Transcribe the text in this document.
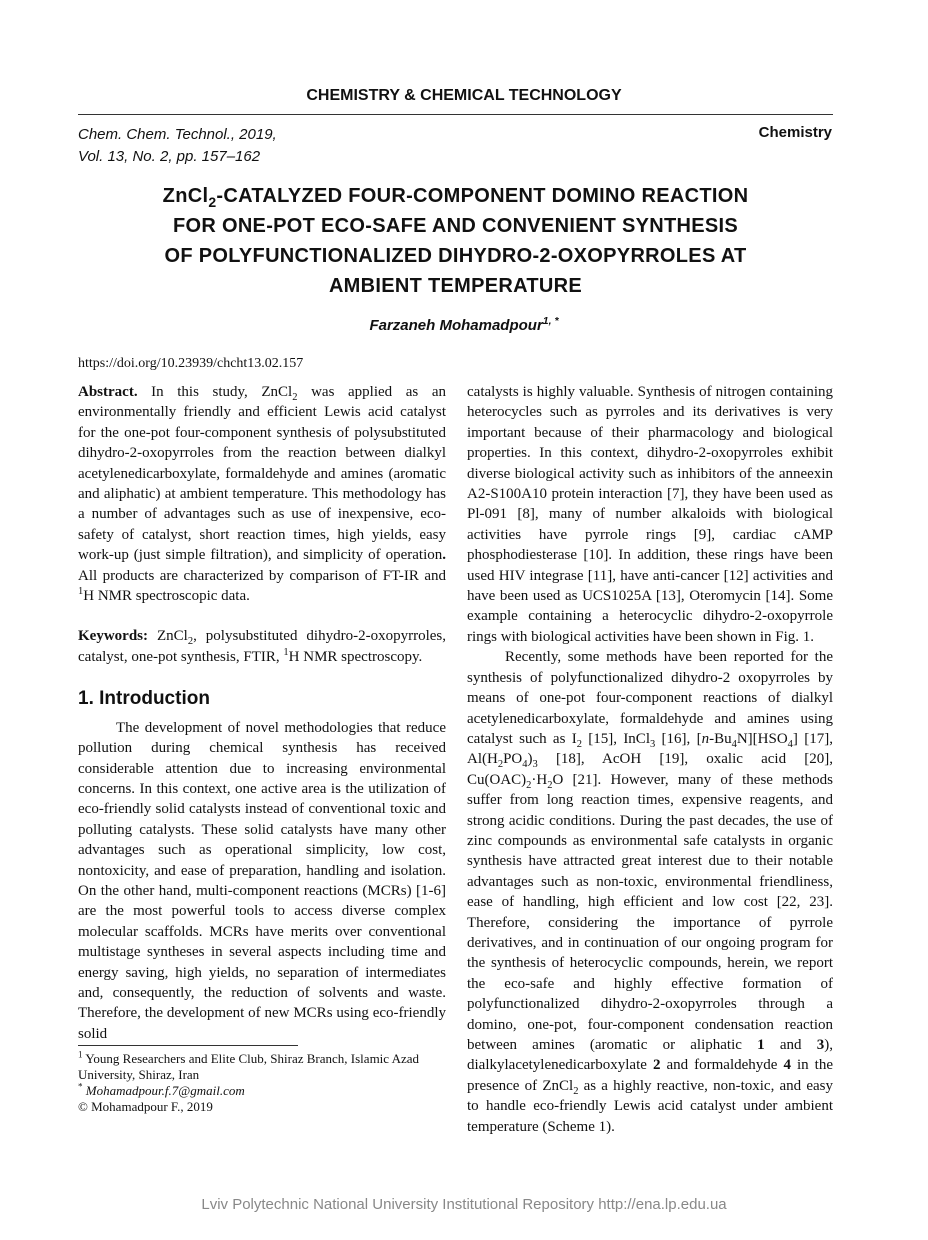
CHEMISTRY & CHEMICAL TECHNOLOGY
Chem. Chem. Technol., 2019,
Vol. 13, No. 2, pp. 157–162
Chemistry
ZnCl$_2$-CATALYZED FOUR-COMPONENT DOMINO REACTION
FOR ONE-POT ECO-SAFE AND CONVENIENT SYNTHESIS
OF POLYFUNCTIONALIZED DIHYDRO-2-OXOPYRROLES AT
AMBIENT TEMPERATURE
Farzaneh Mohamadpour$^{1, *}$
https://doi.org/10.23939/chcht13.02.157

Abstract. In this study, ZnCl$_2$ was applied as an environmentally friendly and efficient Lewis acid catalyst for the one-pot four-component synthesis of polysubstituted dihydro-2-oxopyrroles from the reaction between dialkyl acetylenedicarboxylate, formaldehyde and amines (aromatic and aliphatic) at ambient temperature. This methodology has a number of advantages such as use of inexpensive, eco-safety of catalyst, short reaction times, high yields, easy work-up (just simple filtration), and simplicity of operation. All products are characterized by comparison of FT-IR and $^1$H NMR spectroscopic data.

Keywords: ZnCl$_2$, polysubstituted dihydro-2-oxopyrroles, catalyst, one-pot synthesis, FTIR, $^1$H NMR spectroscopy.

1. Introduction

The development of novel methodologies that reduce pollution during chemical synthesis has received considerable attention due to increasing environmental concerns. In this context, one active area is the utilization of eco-friendly solid catalysts instead of conventional toxic and polluting catalysts. These solid catalysts have many other advantages such as operational simplicity, low cost, nontoxicity, and ease of preparation, handling and isolation. On the other hand, multi-component reactions (MCRs) [1-6] are the most powerful tools to access diverse complex molecular scaffolds. MCRs have merits over conventional multistage syntheses in several aspects including time and energy saving, high yields, no separation of intermediates and, consequently, the reduction of solvents and waste. Therefore, the development of new MCRs using eco-friendly solid

catalysts is highly valuable. Synthesis of nitrogen containing heterocycles such as pyrroles and its derivatives is very important because of their pharmacology and biological properties. In this context, dihydro-2-oxopyrroles exhibit diverse biological activity such as inhibitors of the anneexin A2-S100A10 protein interaction [7], they have been used as Pl-091 [8], many of number alkaloids with biological activities have pyrrole rings [9], cardiac cAMP phosphodiesterase [10]. In addition, these rings have been used HIV integrase [11], have anti-cancer [12] activities and have been used as UCS1025A [13], Oteromycin [14]. Some example containing a heterocyclic dihydro-2-oxopyrrole rings with biological activities have been shown in Fig. 1.

Recently, some methods have been reported for the synthesis of polyfunctionalized dihydro-2 oxopyrroles by means of one-pot four-component reactions of dialkyl acetylenedicarboxylate, formaldehyde and amines using catalyst such as $I_2$ [15], InCl$_3$ [16], $[n-Bu_4N][HSO_4]$ [17], $Al(H_2PO_4)_3$ [18], AcOH [19], oxalic acid [20], $Cu(OAC)_2\cdot H_2O$ [21]. However, many of these methods suffer from long reaction times, expensive reagents, and strong acidic conditions. During the past decades, the use of zinc compounds as environmental safe catalysts in organic synthesis have attracted great interest due to their notable advantages such as non-toxic, environmental friendliness, ease of handling, high efficient and low cost [22, 23]. Therefore, considering the importance of pyrrole derivatives, and in continuation of our ongoing program for the synthesis of heterocyclic compounds, herein, we report the eco-safe and highly effective formation of polyfunctionalized dihydro-2-oxopyrroles through a domino, one-pot, four-component condensation reaction between amines (aromatic or aliphatic 1 and 3), dialkylacetylenedicarboxylate 2 and formaldehyde 4 in the presence of ZnCl$_2$ as a highly reactive, non-toxic, and easy to handle eco-friendly Lewis acid catalyst under ambient temperature (Scheme 1).

$^1$ Young Researchers and Elite Club, Shiraz Branch, Islamic Azad University, Shiraz, Iran
* Mohamadpour.f.7@gmail.com
© Mohamadpour F., 2019
Lviv Polytechnic National University Institutional Repository http://ena.lp.edu.ua
